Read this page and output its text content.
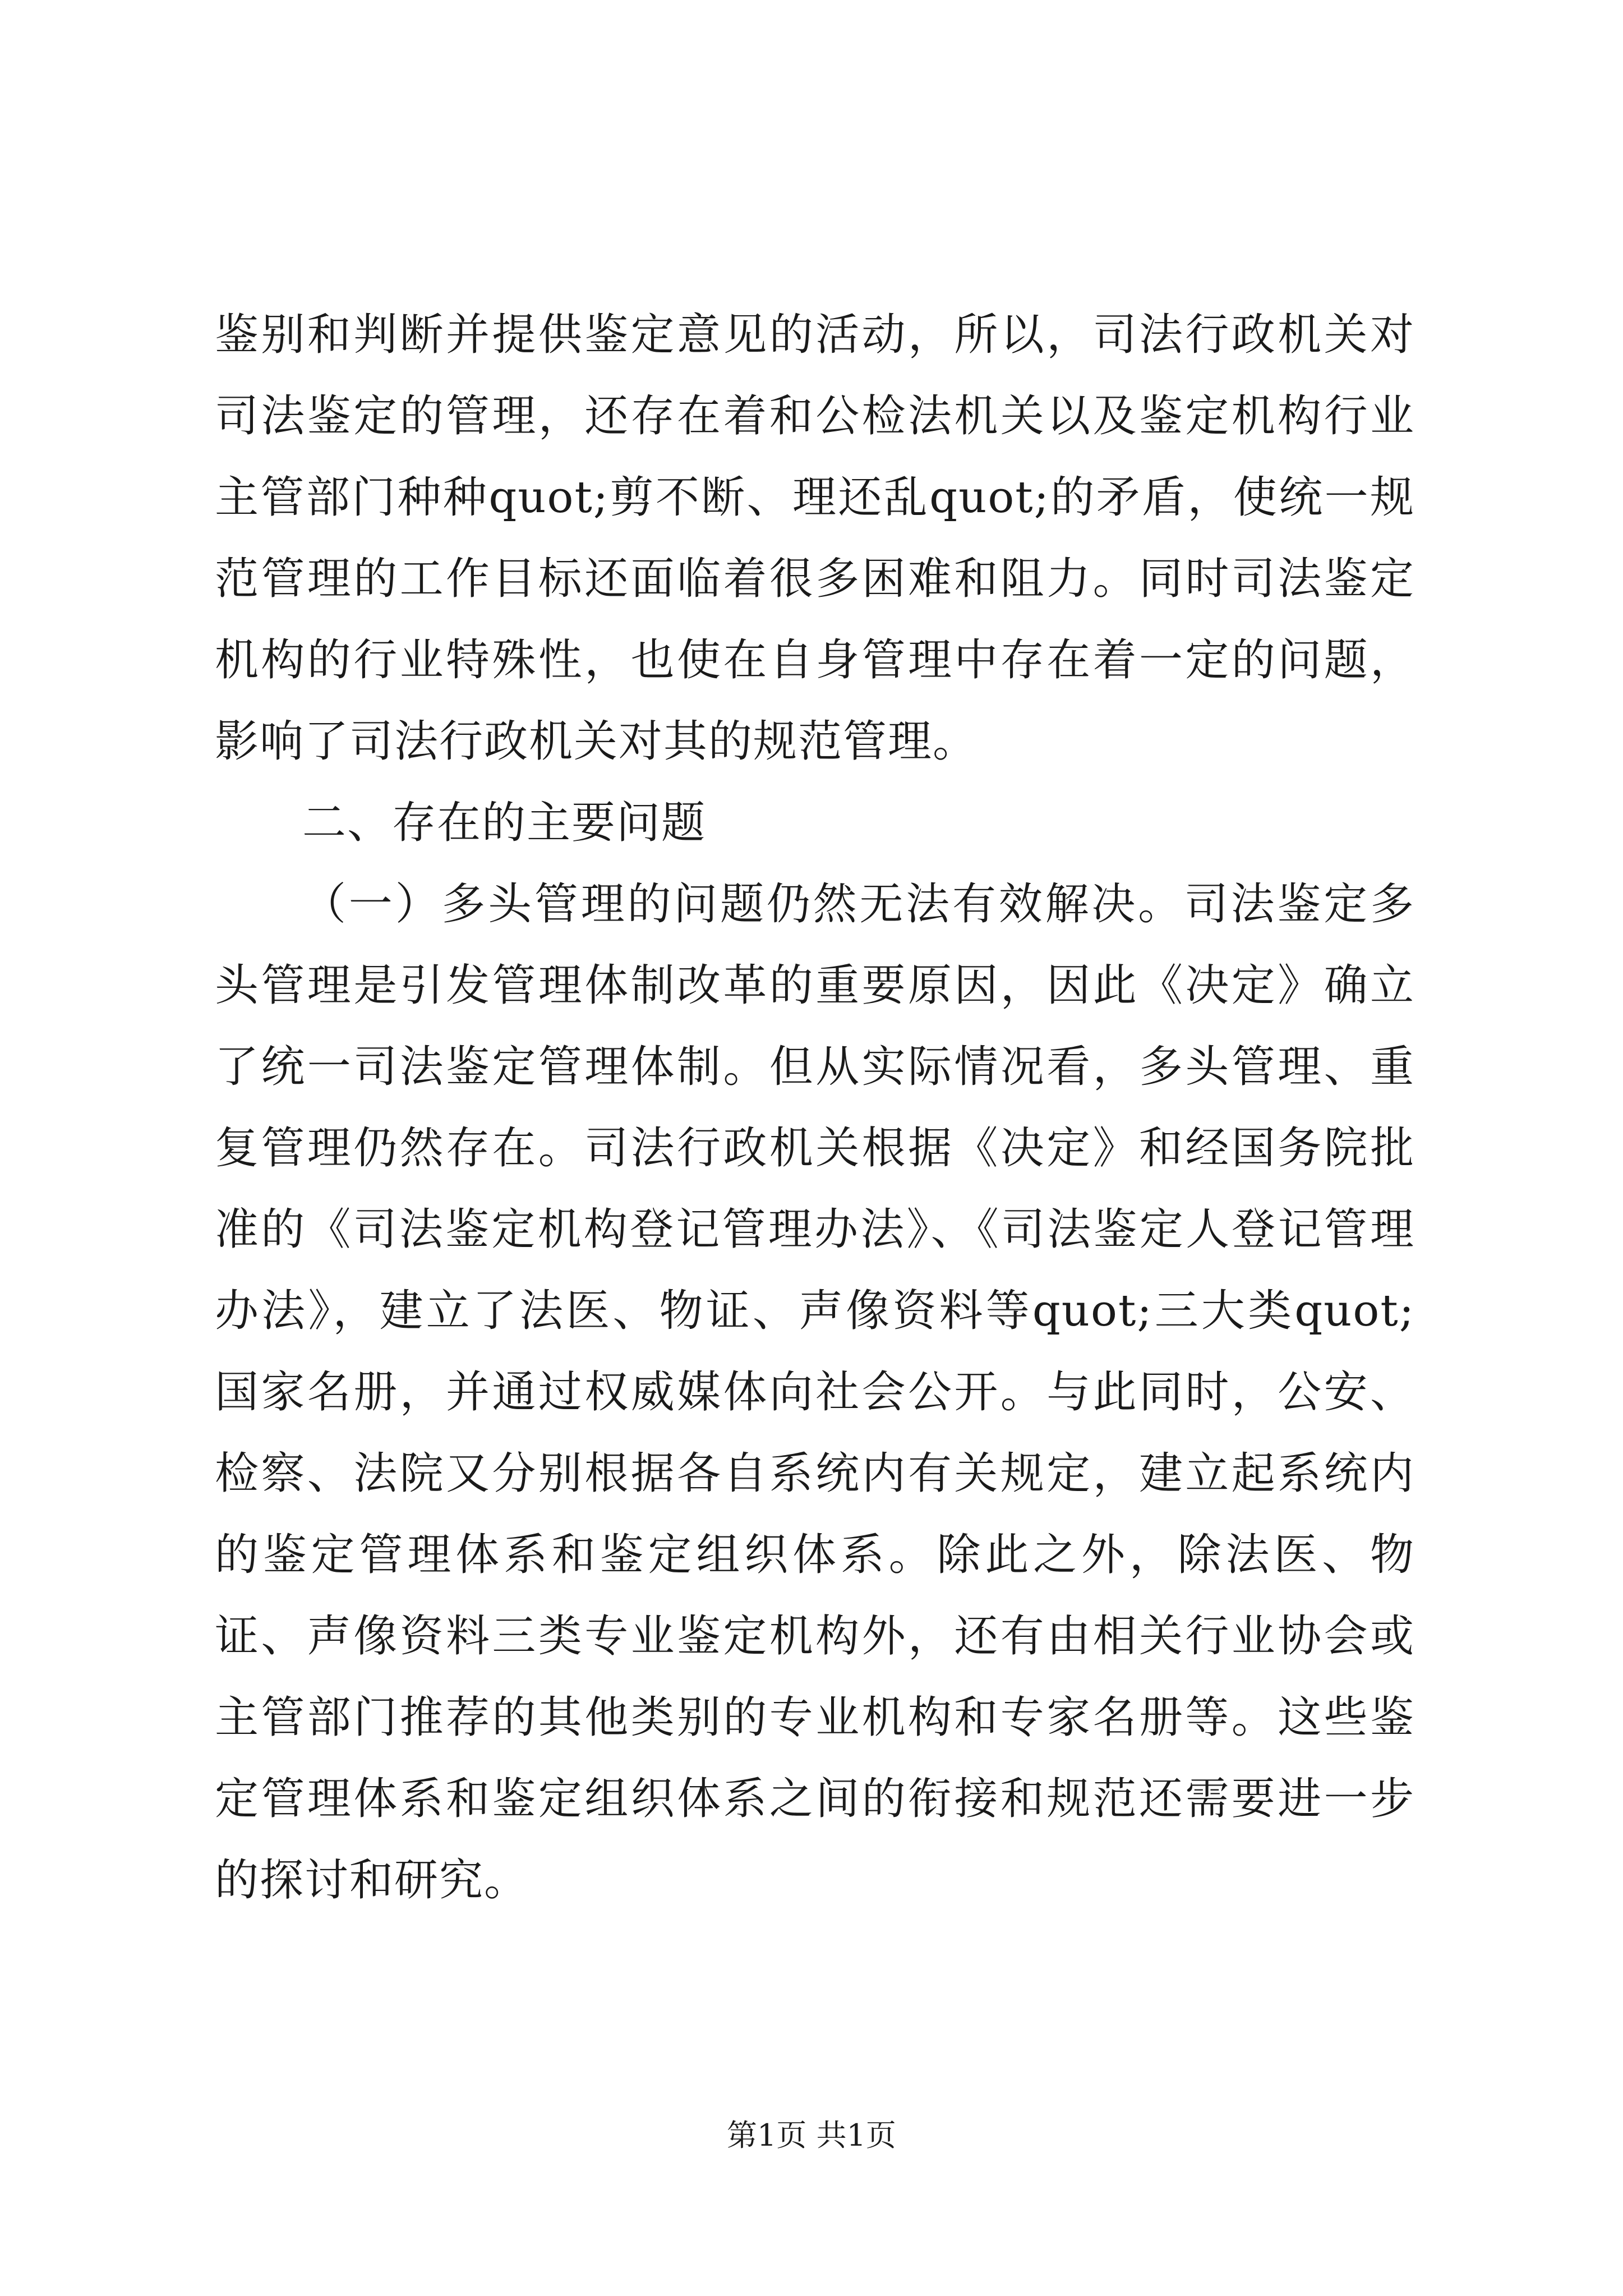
鉴别和判断并提供鉴定意见的活动，所以，司法行政机关对司法鉴定的管理，还存在着和公检法机关以及鉴定机构行业主管部门种种quot;剪不断、理还乱quot;的矛盾，使统一规范管理的工作目标还面临着很多困难和阻力。同时司法鉴定机构的行业特殊性，也使在自身管理中存在着一定的问题，影响了司法行政机关对其的规范管理。

二、存在的主要问题

（一）多头管理的问题仍然无法有效解决。司法鉴定多头管理是引发管理体制改革的重要原因，因此《决定》确立了统一司法鉴定管理体制。但从实际情况看，多头管理、重复管理仍然存在。司法行政机关根据《决定》和经国务院批准的《司法鉴定机构登记管理办法》、《司法鉴定人登记管理办法》，建立了法医、物证、声像资料等quot;三大类quot;国家名册，并通过权威媒体向社会公开。与此同时，公安、检察、法院又分别根据各自系统内有关规定，建立起系统内的鉴定管理体系和鉴定组织体系。除此之外，除法医、物证、声像资料三类专业鉴定机构外，还有由相关行业协会或主管部门推荐的其他类别的专业机构和专家名册等。这些鉴定管理体系和鉴定组织体系之间的衔接和规范还需要进一步的探讨和研究。

第1页 共1页
